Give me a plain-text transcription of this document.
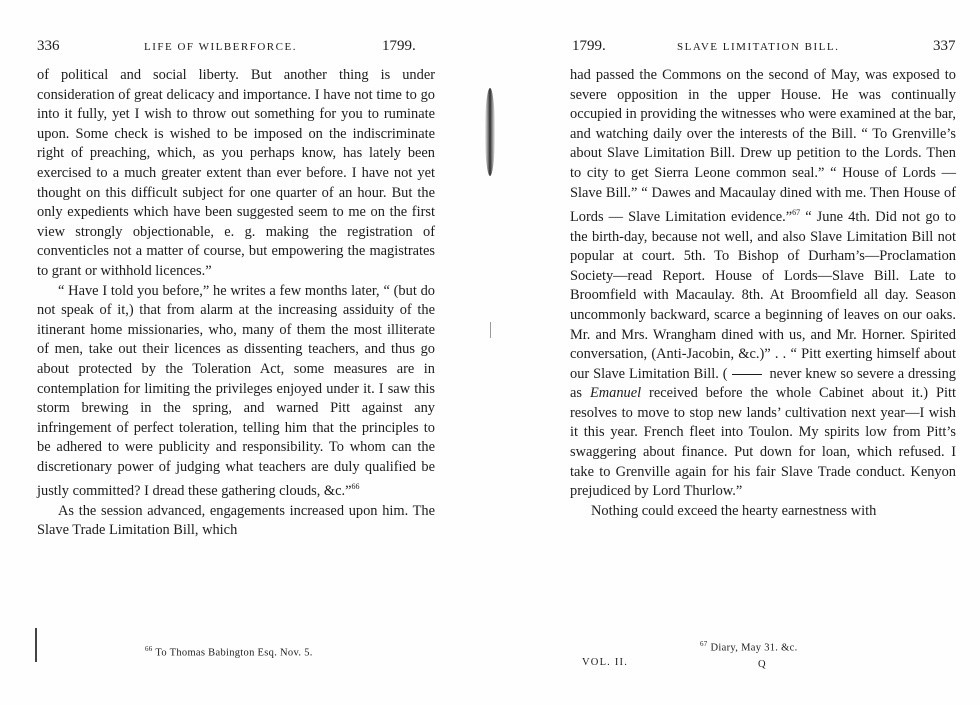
336	LIFE OF WILBERFORCE.	1799.

of political and social liberty. But another thing is under consideration of great delicacy and importance. I have not time to go into it fully, yet I wish to throw out something for you to ruminate upon. Some check is wished to be imposed on the indiscriminate right of preaching, which, as you perhaps know, has lately been exercised to a much greater extent than ever before. I have not yet thought on this difficult subject for one quarter of an hour. But the only expedients which have been suggested seem to me on the first view strongly objectionable, e. g. making the registration of conventicles not a matter of course, but empowering the magistrates to grant or withhold licences.”

“ Have I told you before,” he writes a few months later, “ (but do not speak of it,) that from alarm at the increasing assiduity of the itinerant home missionaries, who, many of them the most illiterate of men, take out their licences as dissenting teachers, and thus go about protected by the Toleration Act, some measures are in contemplation for limiting the privileges enjoyed under it. I saw this storm brewing in the spring, and warned Pitt against any infringement of perfect toleration, telling him that the principles to be adhered to were publicity and responsibility. To whom can the discretionary power of judging what teachers are duly qualified be justly committed? I dread these gathering clouds, &c.”$^{66}$

As the session advanced, engagements increased upon him. The Slave Trade Limitation Bill, which

$^{66}$ To Thomas Babington Esq. Nov. 5.
1799.	SLAVE LIMITATION BILL.	337

had passed the Commons on the second of May, was exposed to severe opposition in the upper House. He was continually occupied in providing the witnesses who were examined at the bar, and watching daily over the interests of the Bill. “ To Grenville’s about Slave Limitation Bill. Drew up petition to the Lords. Then to city to get Sierra Leone common seal.” “ House of Lords — Slave Bill.” “ Dawes and Macaulay dined with me. Then House of Lords — Slave Limitation evidence.”$^{67}$ “ June 4th. Did not go to the birth-day, because not well, and also Slave Limitation Bill not popular at court. 5th. To Bishop of Durham’s—Proclamation Society—read Report. House of Lords—Slave Bill. Late to Broomfield with Macaulay. 8th. At Broomfield all day. Season uncommonly backward, scarce a beginning of leaves on our oaks. Mr. and Mrs. Wrangham dined with us, and Mr. Horner. Spirited conversation, (Anti-Jacobin, &c.)” . . “ Pitt exerting himself about our Slave Limitation Bill. (	never knew so severe a dressing as Emanuel received before the whole Cabinet about it.) Pitt resolves to move to stop new lands’ cultivation next year—I wish it this year. French fleet into Toulon. My spirits low from Pitt’s swaggering about finance. Put down for loan, which refused. I take to Grenville again for his fair Slave Trade conduct. Kenyon prejudiced by Lord Thurlow.”

Nothing could exceed the hearty earnestness with

$^{67}$ Diary, May 31. &c.
VOL. II.	Q
